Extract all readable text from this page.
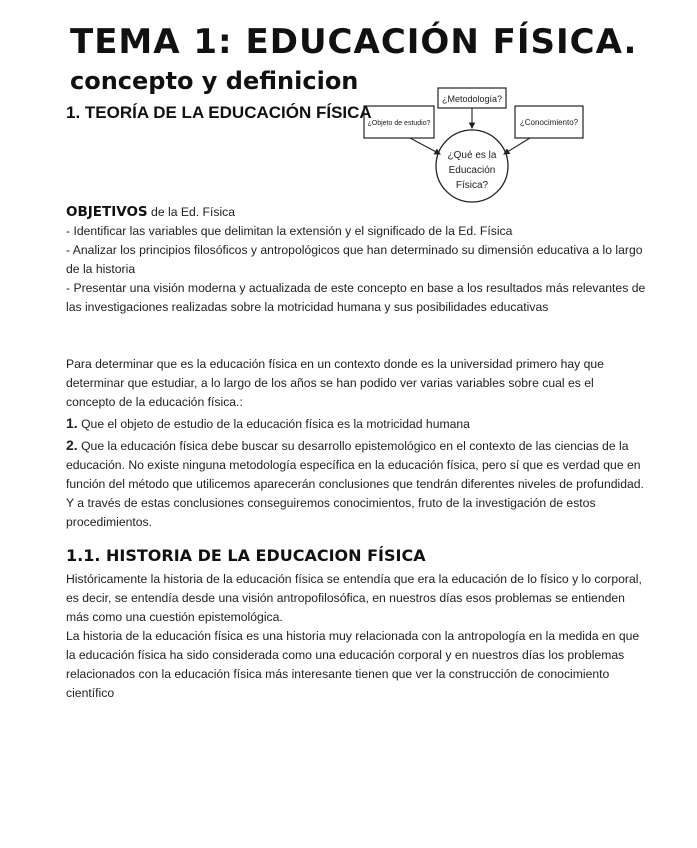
TEMA 1: EDUCACIÓN FÍSICA.
concepto y definicion
1. TEORÍA DE LA EDUCACIÓN FÍSICA
¿Metodología?
¿Objeto de estudio?	¿Conocimiento?
¿Qué es la
Educación
Física?

OBJETIVOS de la Ed. Física

- Identificar las variables que delimitan la extensión y el significado de la Ed. Física

- Analizar los principios filosóficos y antropológicos que han determinado su dimensión educativa a lo largo de la historia

- Presentar una visión moderna y actualizada de este concepto en base a los resultados más relevantes de las investigaciones realizadas sobre la motricidad humana y sus posibilidades educativas

Para determinar que es la educación física en un contexto donde es la universidad primero hay que determinar que estudiar, a lo largo de los años se han podido ver varias variables sobre cual es el concepto de la educación física.:

1. Que el objeto de estudio de la educación física es la motricidad humana

2. Que la educación física debe buscar su desarrollo epistemológico en el contexto de las ciencias de la educación. No existe ninguna metodología específica en la educación física, pero sí que es verdad que en función del método que utilicemos aparecerán conclusiones que tendrán diferentes niveles de profundidad. Y a través de estas conclusiones conseguiremos conocimientos, fruto de la investigación de estos procedimientos.

1.1. HISTORIA DE LA EDUCACION FÍSICA

Históricamente la historia de la educación física se entendía que era la educación de lo físico y lo corporal, es decir, se entendía desde una visión antropofilosófica, en nuestros días esos problemas se entienden más como una cuestión epistemológica.

La historia de la educación física es una historia muy relacionada con la antropología en la medida en que la educación física ha sido considerada como una educación corporal y en nuestros días los problemas relacionados con la educación física más interesante tienen que ver la construcción de conocimiento científico
